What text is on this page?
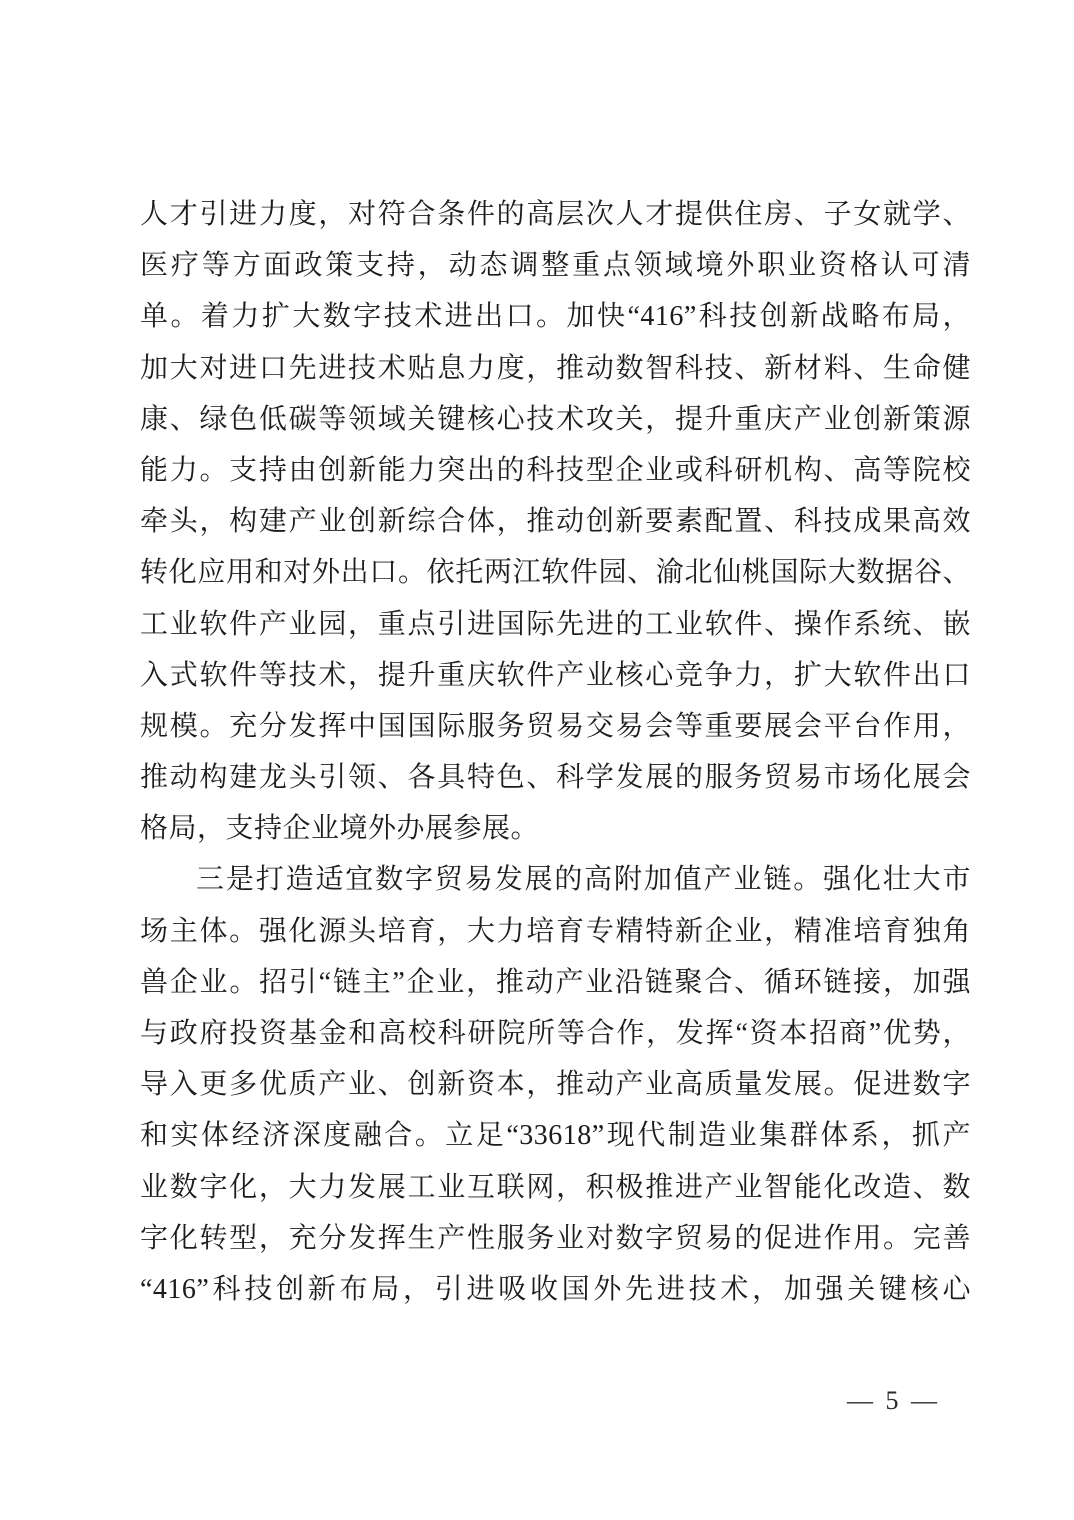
人才引进力度，对符合条件的高层次人才提供住房、子女就学、
医疗等方面政策支持，动态调整重点领域境外职业资格认可清
单。着力扩大数字技术进出口。加快“416”科技创新战略布局，
加大对进口先进技术贴息力度，推动数智科技、新材料、生命健
康、绿色低碳等领域关键核心技术攻关，提升重庆产业创新策源
能力。支持由创新能力突出的科技型企业或科研机构、高等院校
牵头，构建产业创新综合体，推动创新要素配置、科技成果高效
转化应用和对外出口。依托两江软件园、渝北仙桃国际大数据谷、
工业软件产业园，重点引进国际先进的工业软件、操作系统、嵌
入式软件等技术，提升重庆软件产业核心竞争力，扩大软件出口
规模。充分发挥中国国际服务贸易交易会等重要展会平台作用，
推动构建龙头引领、各具特色、科学发展的服务贸易市场化展会
格局，支持企业境外办展参展。
三是打造适宜数字贸易发展的高附加值产业链。强化壮大市
场主体。强化源头培育，大力培育专精特新企业，精准培育独角
兽企业。招引“链主”企业，推动产业沿链聚合、循环链接，加强
与政府投资基金和高校科研院所等合作，发挥“资本招商”优势，
导入更多优质产业、创新资本，推动产业高质量发展。促进数字
和实体经济深度融合。立足“33618”现代制造业集群体系，抓产
业数字化，大力发展工业互联网，积极推进产业智能化改造、数
字化转型，充分发挥生产性服务业对数字贸易的促进作用。完善
“416”科技创新布局，引进吸收国外先进技术，加强关键核心
— 5 —
